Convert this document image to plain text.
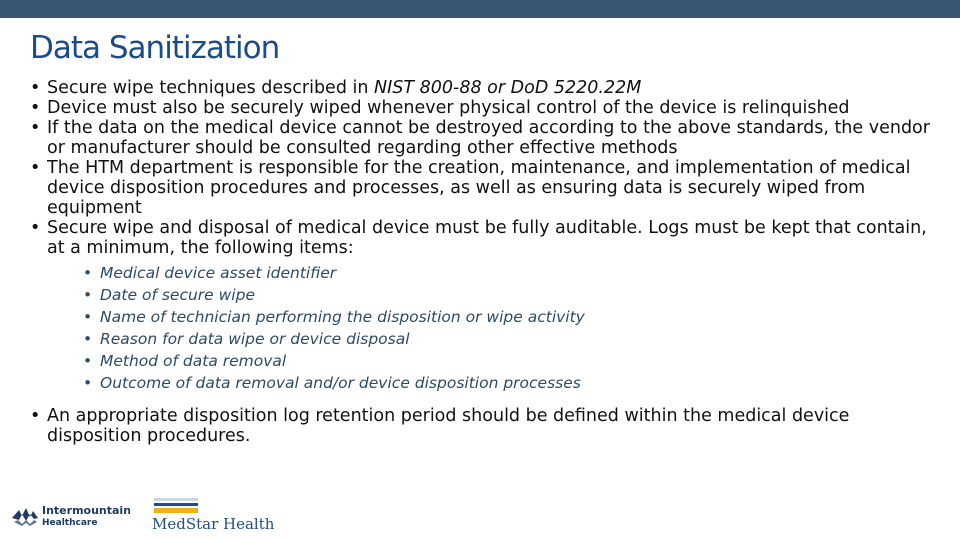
Data Sanitization
• Secure wipe techniques described in NIST 800-88 or DoD 5220.22M
• Device must also be securely wiped whenever physical control of the device is relinquished
• If the data on the medical device cannot be destroyed according to the above standards, the vendor or manufacturer should be consulted regarding other effective methods
• The HTM department is responsible for the creation, maintenance, and implementation of medical device disposition procedures and processes, as well as ensuring data is securely wiped from equipment
• Secure wipe and disposal of medical device must be fully auditable. Logs must be kept that contain, at a minimum, the following items:
• Medical device asset identifier
• Date of secure wipe
• Name of technician performing the disposition or wipe activity
• Reason for data wipe or device disposal
• Method of data removal
• Outcome of data removal and/or device disposition processes
• An appropriate disposition log retention period should be defined within the medical device disposition procedures.
Intermountain
Healthcare	MedStar Health
